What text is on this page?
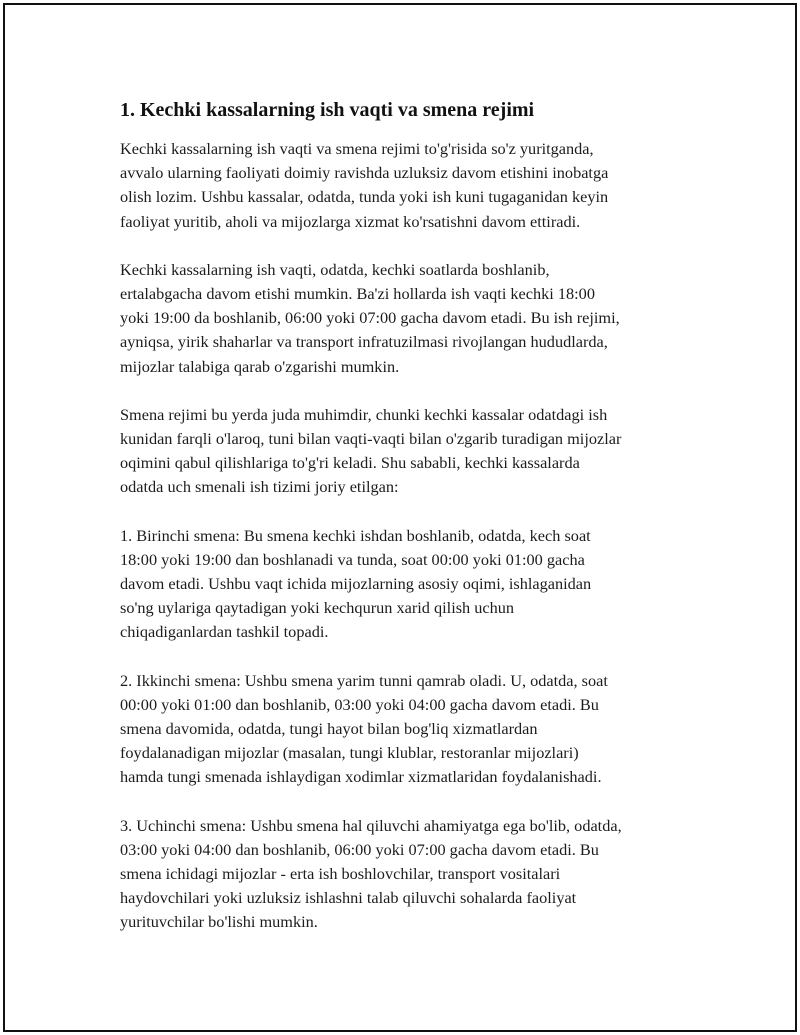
1. Kechki kassalarning ish vaqti va smena rejimi

Kechki kassalarning ish vaqti va smena rejimi to'g'risida so'z yuritganda,
avvalo ularning faoliyati doimiy ravishda uzluksiz davom etishini inobatga
olish lozim. Ushbu kassalar, odatda, tunda yoki ish kuni tugaganidan keyin
faoliyat yuritib, aholi va mijozlarga xizmat ko'rsatishni davom ettiradi.

Kechki kassalarning ish vaqti, odatda, kechki soatlarda boshlanib,
ertalabgacha davom etishi mumkin. Ba'zi hollarda ish vaqti kechki 18:00
yoki 19:00 da boshlanib, 06:00 yoki 07:00 gacha davom etadi. Bu ish rejimi,
ayniqsa, yirik shaharlar va transport infratuzilmasi rivojlangan hududlarda,
mijozlar talabiga qarab o'zgarishi mumkin.

Smena rejimi bu yerda juda muhimdir, chunki kechki kassalar odatdagi ish
kunidan farqli o'laroq, tuni bilan vaqti-vaqti bilan o'zgarib turadigan mijozlar
oqimini qabul qilishlariga to'g'ri keladi. Shu sababli, kechki kassalarda
odatda uch smenali ish tizimi joriy etilgan:

1. Birinchi smena: Bu smena kechki ishdan boshlanib, odatda, kech soat
18:00 yoki 19:00 dan boshlanadi va tunda, soat 00:00 yoki 01:00 gacha
davom etadi. Ushbu vaqt ichida mijozlarning asosiy oqimi, ishlaganidan
so'ng uylariga qaytadigan yoki kechqurun xarid qilish uchun
chiqadiganlardan tashkil topadi.

2. Ikkinchi smena: Ushbu smena yarim tunni qamrab oladi. U, odatda, soat
00:00 yoki 01:00 dan boshlanib, 03:00 yoki 04:00 gacha davom etadi. Bu
smena davomida, odatda, tungi hayot bilan bog'liq xizmatlardan
foydalanadigan mijozlar (masalan, tungi klublar, restoranlar mijozlari)
hamda tungi smenada ishlaydigan xodimlar xizmatlaridan foydalanishadi.

3. Uchinchi smena: Ushbu smena hal qiluvchi ahamiyatga ega bo'lib, odatda,
03:00 yoki 04:00 dan boshlanib, 06:00 yoki 07:00 gacha davom etadi. Bu
smena ichidagi mijozlar - erta ish boshlovchilar, transport vositalari
haydovchilari yoki uzluksiz ishlashni talab qiluvchi sohalarda faoliyat
yurituvchilar bo'lishi mumkin.
